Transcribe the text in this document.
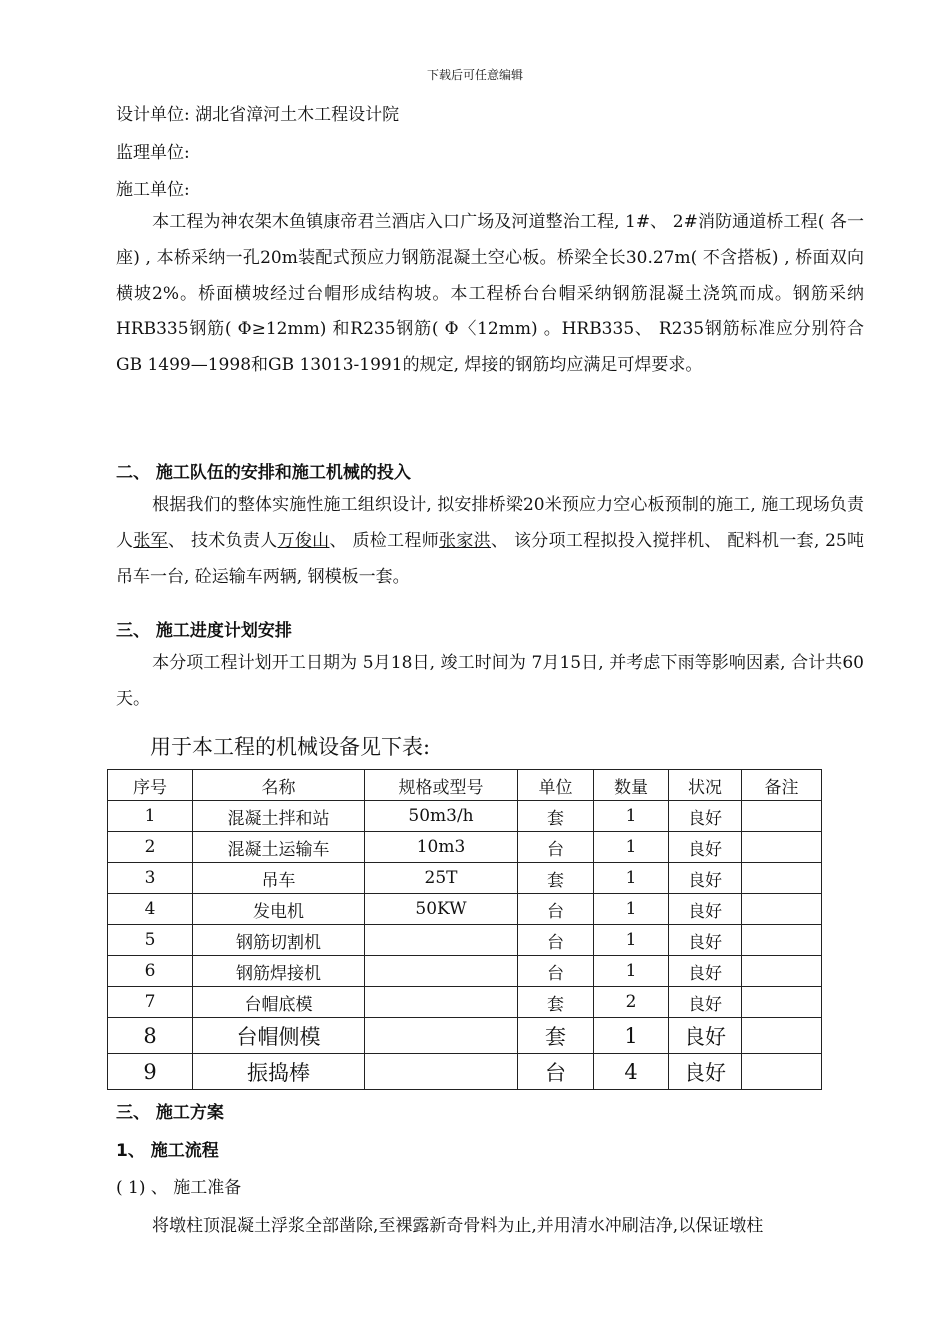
下载后可任意编辑
设计单位: 湖北省漳河土木工程设计院
监理单位:
施工单位:
本工程为神农架木鱼镇康帝君兰酒店入口广场及河道整治工程, 1#、 2#消防通道桥工程( 各一座) , 本桥采纳一孔20m装配式预应力钢筋混凝土空心板。桥梁全长30.27m( 不含搭板) , 桥面双向横坡2%。桥面横坡经过台帽形成结构坡。本工程桥台台帽采纳钢筋混凝土浇筑而成。钢筋采纳HRB335钢筋( Φ≥12mm) 和R235钢筋( Φ〈12mm) 。HRB335、 R235钢筋标准应分别符合GB 1499—1998和GB 13013-1991的规定, 焊接的钢筋均应满足可焊要求。
二、 施工队伍的安排和施工机械的投入
根据我们的整体实施性施工组织设计, 拟安排桥梁20米预应力空心板预制的施工, 施工现场负责人张军、 技术负责人万俊山、 质检工程师张家洪、 该分项工程拟投入搅拌机、 配料机一套, 25吨吊车一台, 砼运输车两辆, 钢模板一套。
三、 施工进度计划安排
本分项工程计划开工日期为 5月18日, 竣工时间为 7月15日, 并考虑下雨等影响因素, 合计共60天。
用于本工程的机械设备见下表:
序号	名称	规格或型号	单位	数量	状况	备注
1	混凝土拌和站	50m3/h	套	1	良好	
2	混凝土运输车	10m3	台	1	良好	
3	吊车	25T	套	1	良好	
4	发电机	50KW	台	1	良好	
5	钢筋切割机		台	1	良好	
6	钢筋焊接机		台	1	良好	
7	台帽底模		套	2	良好	
8	台帽侧模		套	1	良好	
9	振捣棒		台	4	良好	
三、 施工方案
1、 施工流程
( 1) 、 施工准备
将墩柱顶混凝土浮浆全部凿除,至裸露新奇骨料为止,并用清水冲刷洁净,以保证墩柱
